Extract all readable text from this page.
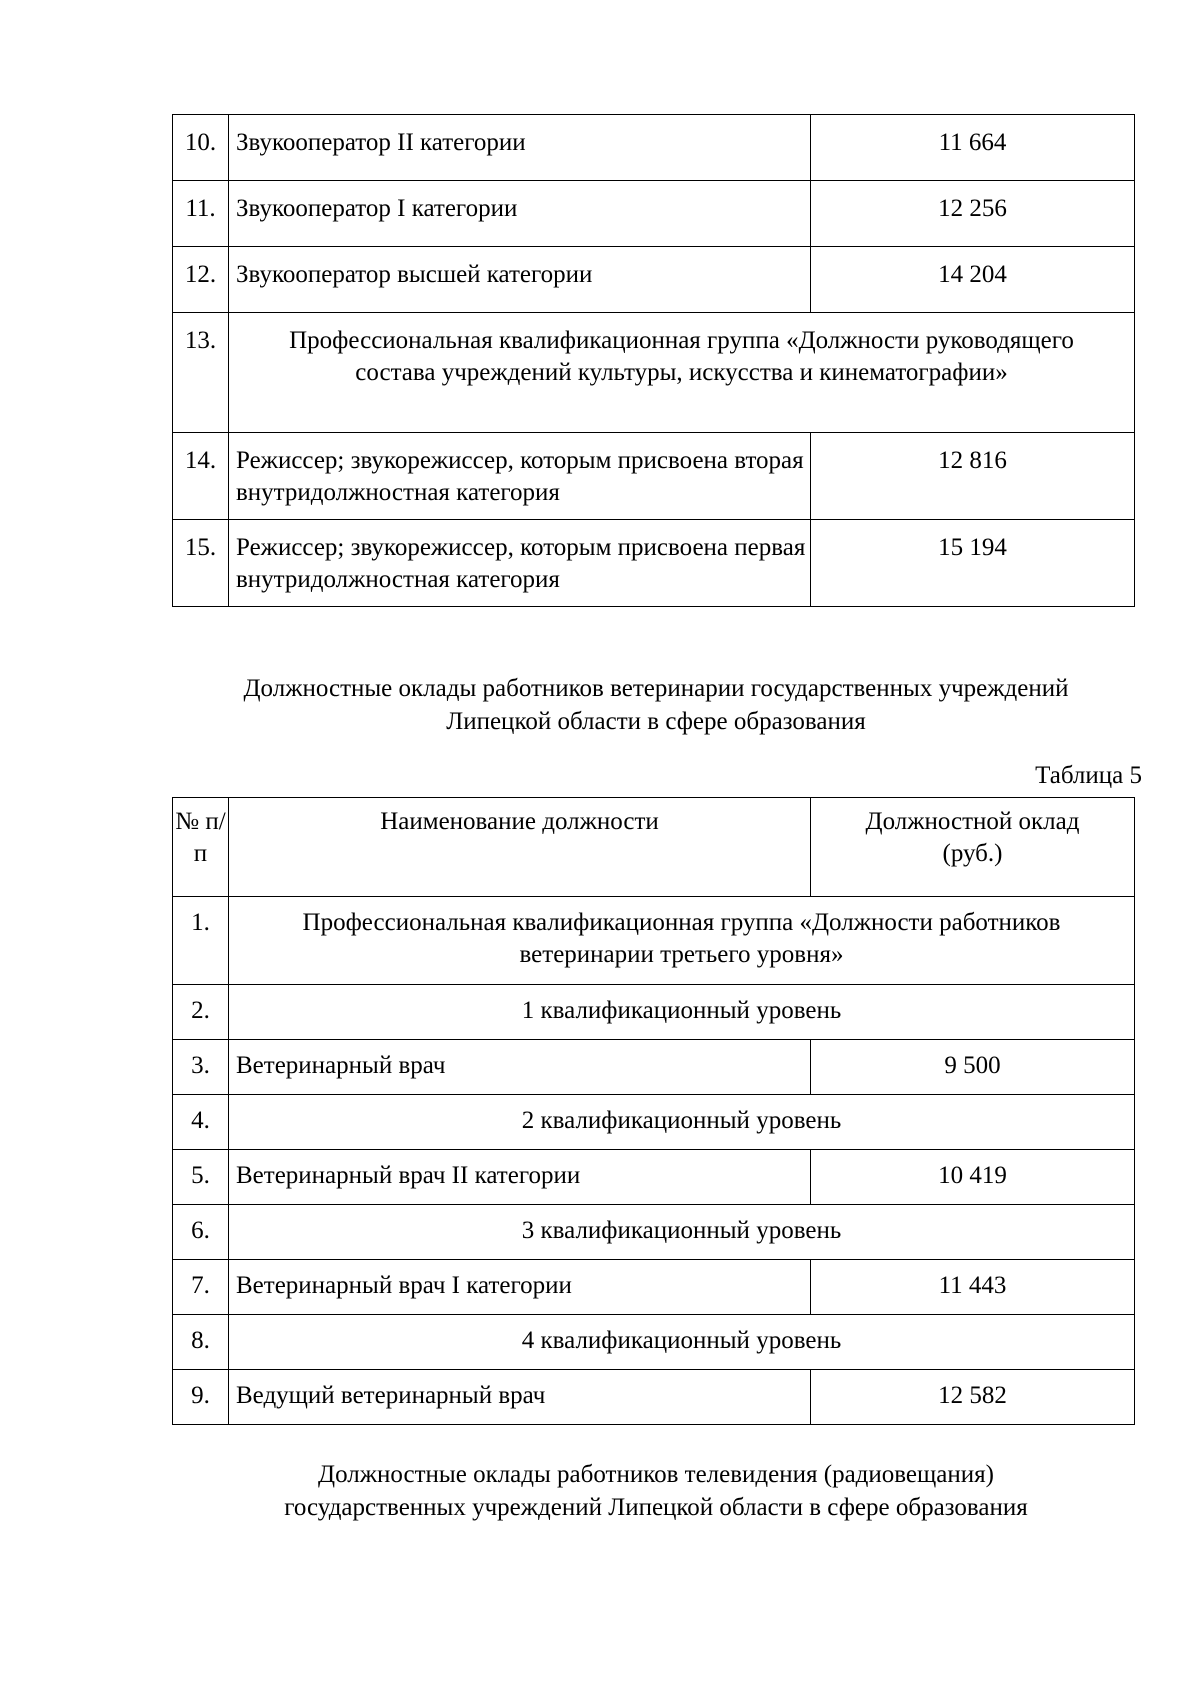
10.	Звукооператор II категории	11 664
11.	Звукооператор I категории	12 256
12.	Звукооператор высшей категории	14 204
13.	Профессиональная квалификационная группа «Должности руководящего состава учреждений культуры, искусства и кинематографии»	
14.	Режиссер; звукорежиссер, которым присвоена вторая внутридолжностная категория	12 816
15.	Режиссер; звукорежиссер, которым присвоена первая внутридолжностная категория	15 194
Должностные оклады работников ветеринарии государственных учреждений
Липецкой области в сфере образования
Таблица 5
№ п/п	Наименование должности	Должностной оклад (руб.)
1.	Профессиональная квалификационная группа «Должности работников ветеринарии третьего уровня»	
2.	1 квалификационный уровень	
3.	Ветеринарный врач	9 500
4.	2 квалификационный уровень	
5.	Ветеринарный врач II категории	10 419
6.	3 квалификационный уровень	
7.	Ветеринарный врач I категории	11 443
8.	4 квалификационный уровень	
9.	Ведущий ветеринарный врач	12 582
Должностные оклады работников телевидения (радиовещания)
государственных учреждений Липецкой области в сфере образования
